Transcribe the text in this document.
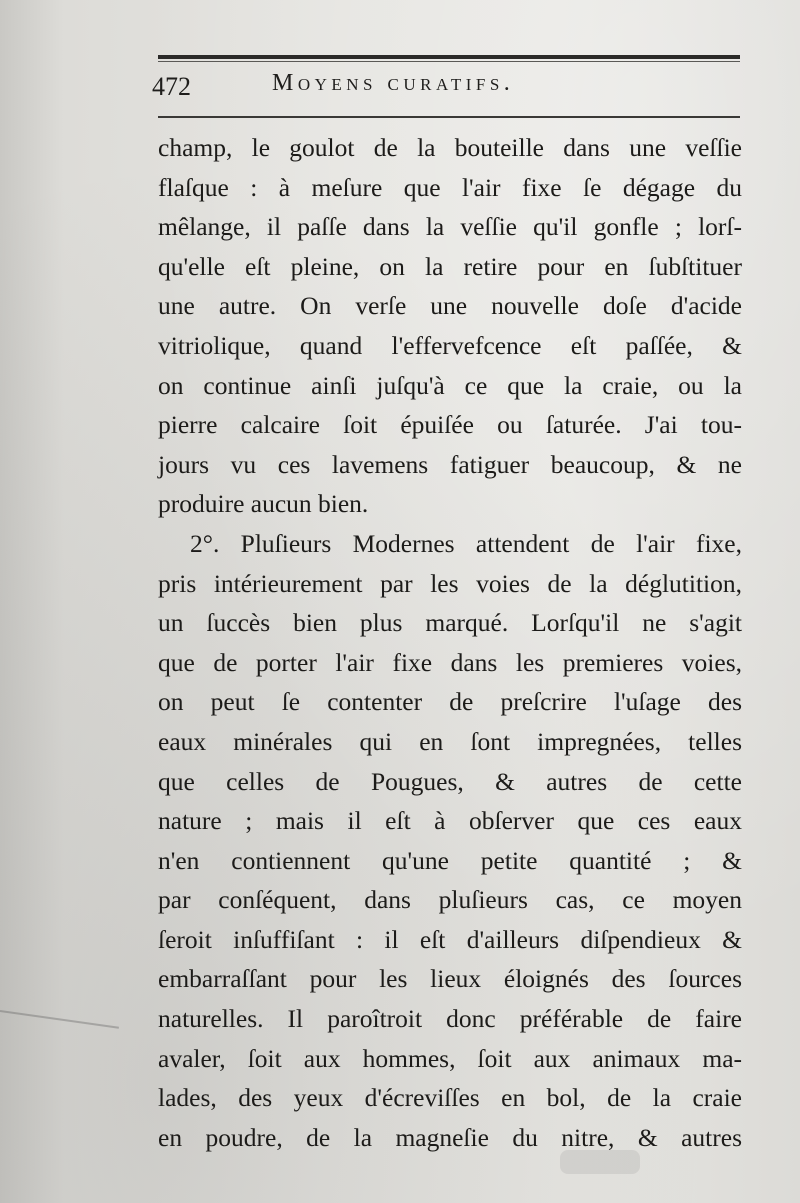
472	Moyens curatifs.
champ, le goulot de la bouteille dans une veſſie
flaſque : à meſure que l'air fixe ſe dégage du
mêlange, il paſſe dans la veſſie qu'il gonfle ; lorſ-
qu'elle eſt pleine, on la retire pour en ſubſtituer
une autre. On verſe une nouvelle doſe d'acide
vitriolique, quand l'effervefcence eſt paſſée, &
on continue ainſi juſqu'à ce que la craie, ou la
pierre calcaire ſoit épuiſée ou ſaturée. J'ai tou-
jours vu ces lavemens fatiguer beaucoup, & ne
produire aucun bien.
2°. Pluſieurs Modernes attendent de l'air fixe,
pris intérieurement par les voies de la déglutition,
un ſuccès bien plus marqué. Lorſqu'il ne s'agit
que de porter l'air fixe dans les premieres voies,
on peut ſe contenter de preſcrire l'uſage des
eaux minérales qui en ſont impregnées, telles
que celles de Pougues, & autres de cette
nature ; mais il eſt à obſerver que ces eaux
n'en contiennent qu'une petite quantité ; &
par conſéquent, dans pluſieurs cas, ce moyen
ſeroit inſuffiſant : il eſt d'ailleurs diſpendieux &
embarraſſant pour les lieux éloignés des ſources
naturelles. Il paroîtroit donc préférable de faire
avaler, ſoit aux hommes, ſoit aux animaux ma-
lades, des yeux d'écreviſſes en bol, de la craie
en poudre, de la magneſie du nitre, & autres
